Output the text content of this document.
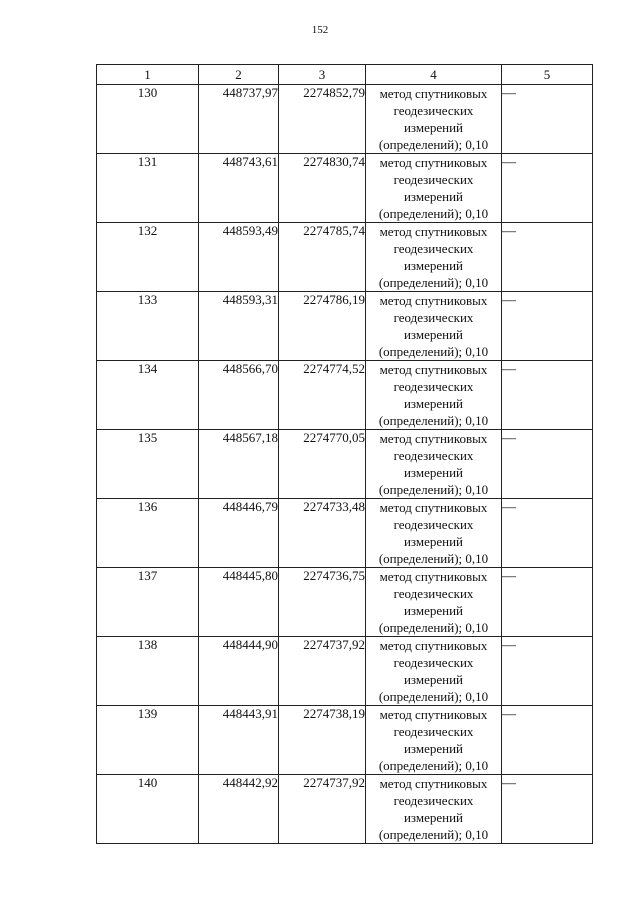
152
1	2	3	4	5
130	448737,97	2274852,79	метод спутниковых
геодезических
измерений
(определений); 0,10	—
131	448743,61	2274830,74	метод спутниковых
геодезических
измерений
(определений); 0,10	—
132	448593,49	2274785,74	метод спутниковых
геодезических
измерений
(определений); 0,10	—
133	448593,31	2274786,19	метод спутниковых
геодезических
измерений
(определений); 0,10	—
134	448566,70	2274774,52	метод спутниковых
геодезических
измерений
(определений); 0,10	—
135	448567,18	2274770,05	метод спутниковых
геодезических
измерений
(определений); 0,10	—
136	448446,79	2274733,48	метод спутниковых
геодезических
измерений
(определений); 0,10	—
137	448445,80	2274736,75	метод спутниковых
геодезических
измерений
(определений); 0,10	—
138	448444,90	2274737,92	метод спутниковых
геодезических
измерений
(определений); 0,10	—
139	448443,91	2274738,19	метод спутниковых
геодезических
измерений
(определений); 0,10	—
140	448442,92	2274737,92	метод спутниковых
геодезических
измерений
(определений); 0,10	—
